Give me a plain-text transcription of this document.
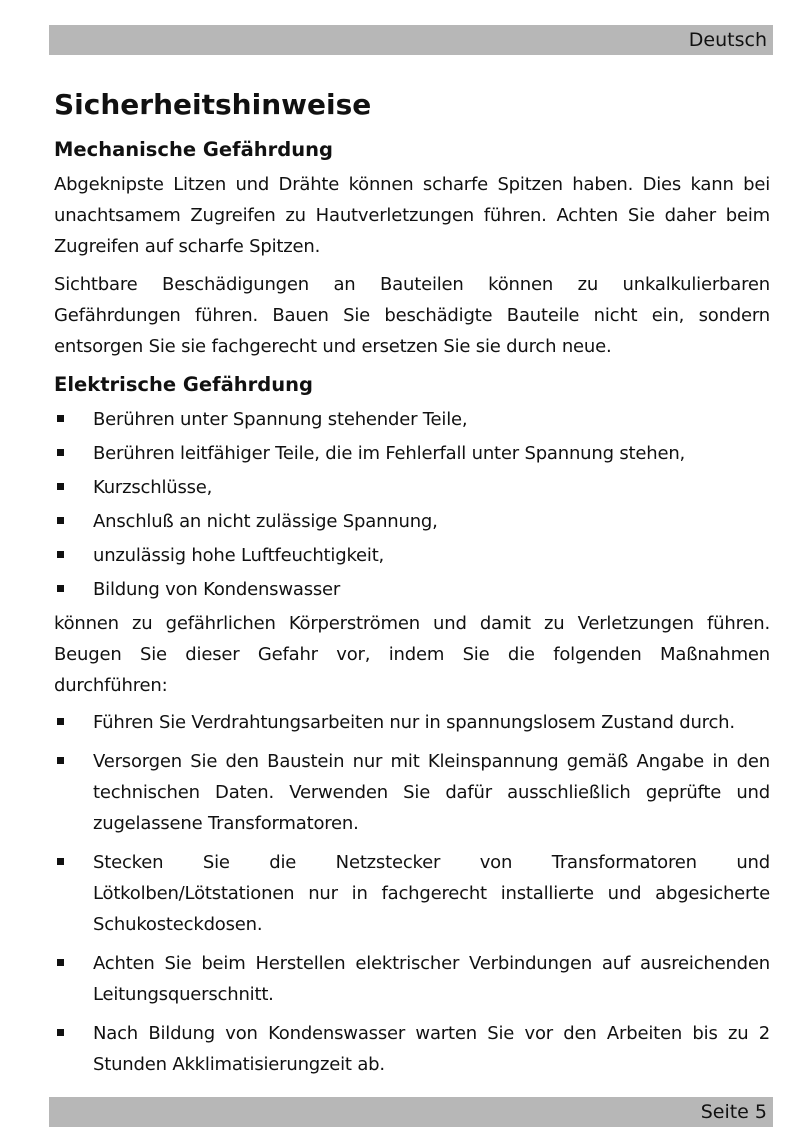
Deutsch
Sicherheitshinweise
Mechanische Gefährdung

Abgeknipste Litzen und Drähte können scharfe Spitzen haben. Dies kann bei unachtsamem Zugreifen zu Hautverletzungen führen. Achten Sie daher beim Zugreifen auf scharfe Spitzen.

Sichtbare Beschädigungen an Bauteilen können zu unkalkulierbaren Gefährdungen führen. Bauen Sie beschädigte Bauteile nicht ein, sondern entsorgen Sie sie fachgerecht und ersetzen Sie sie durch neue.

Elektrische Gefährdung
Berühren unter Spannung stehender Teile,
Berühren leitfähiger Teile, die im Fehlerfall unter Spannung stehen,
Kurzschlüsse,
Anschluß an nicht zulässige Spannung,
unzulässig hohe Luftfeuchtigkeit,
Bildung von Kondenswasser

können zu gefährlichen Körperströmen und damit zu Verletzungen führen. Beugen Sie dieser Gefahr vor, indem Sie die folgenden Maßnahmen durchführen:

Führen Sie Verdrahtungsarbeiten nur in spannungslosem Zustand durch.
Versorgen Sie den Baustein nur mit Kleinspannung gemäß Angabe in den technischen Daten. Verwenden Sie dafür ausschließlich geprüfte und zugelassene Transformatoren.
Stecken Sie die Netzstecker von Transformatoren und Lötkolben/Lötstationen nur in fachgerecht installierte und abgesicherte Schukosteckdosen.
Achten Sie beim Herstellen elektrischer Verbindungen auf ausreichenden Leitungsquerschnitt.
Nach Bildung von Kondenswasser warten Sie vor den Arbeiten bis zu 2 Stunden Akklimatisierungzeit ab.
Seite 5
